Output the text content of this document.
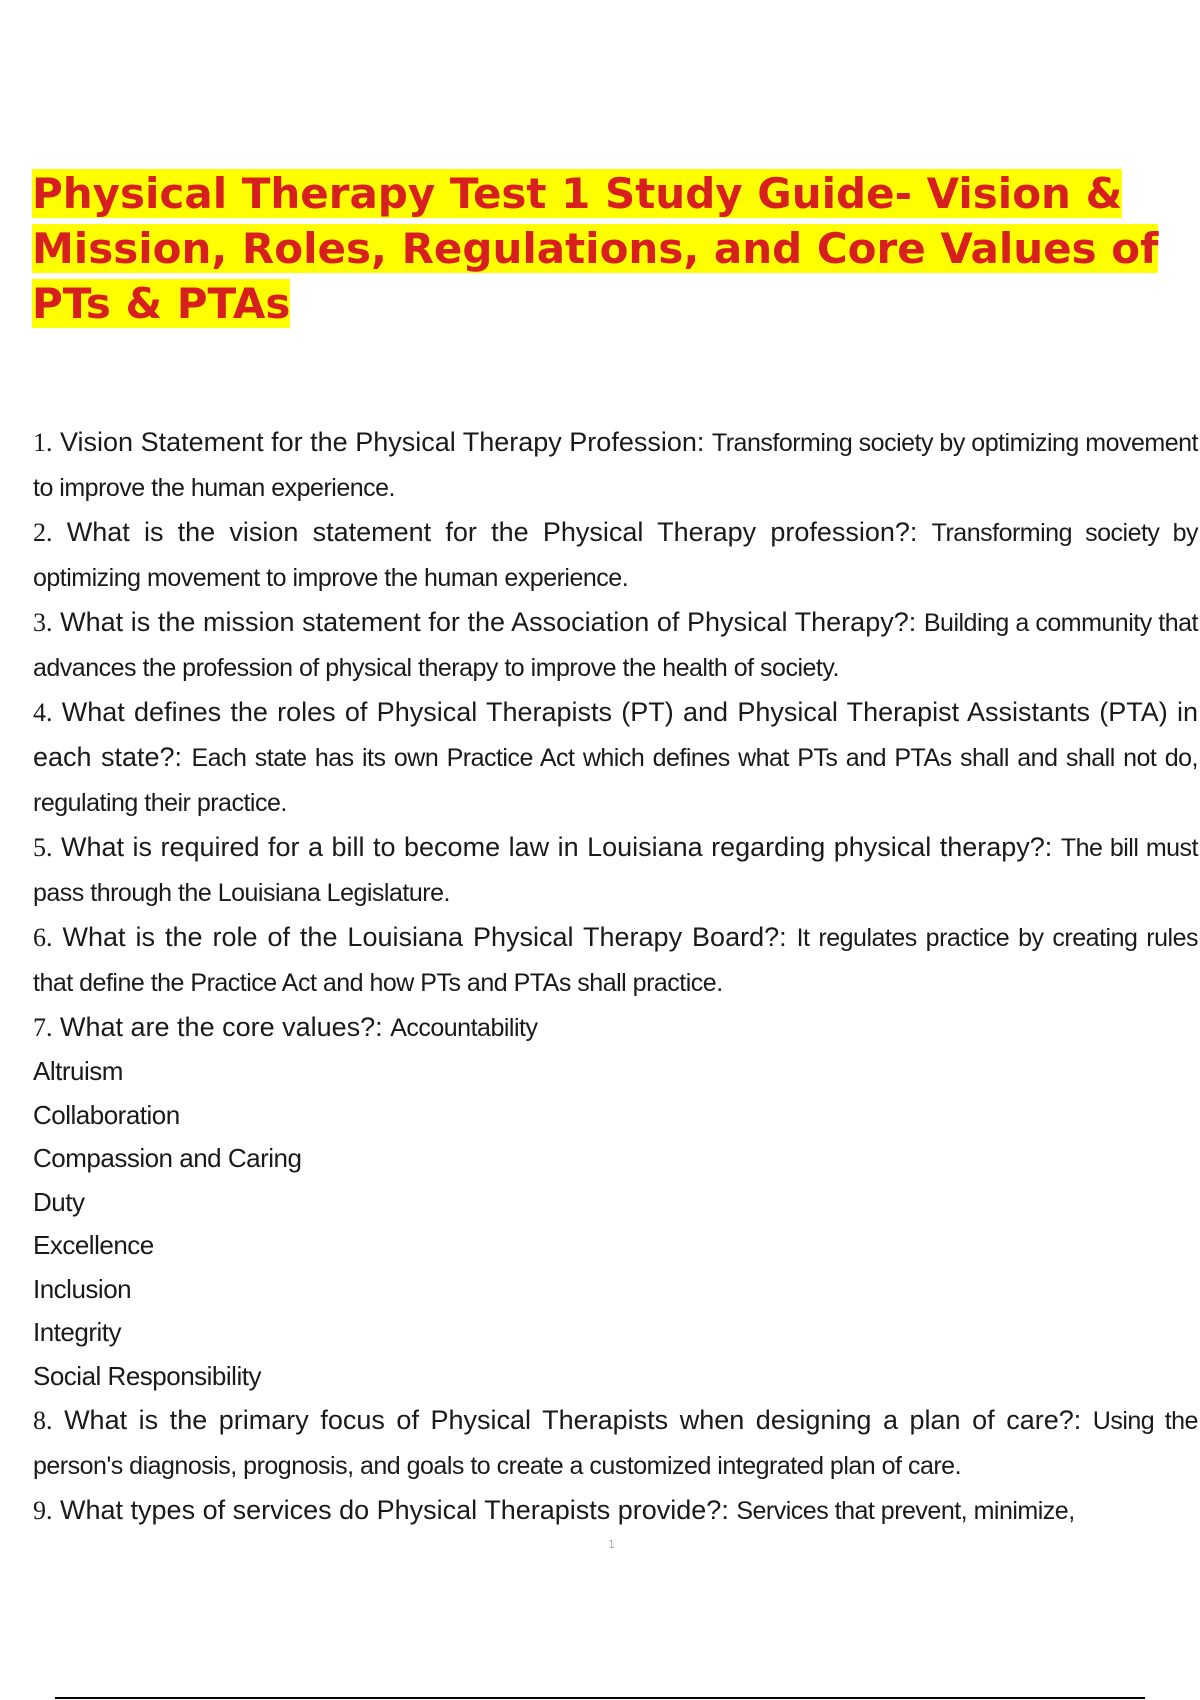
Physical Therapy Test 1 Study Guide- Vision & Mission, Roles, Regulations, and Core Values of PTs & PTAs

1. Vision Statement for the Physical Therapy Profession: Transforming society by optimizing movement to improve the human experience.

2. What is the vision statement for the Physical Therapy profession?: Transforming society by optimizing movement to improve the human experience.

3. What is the mission statement for the Association of Physical Therapy?: Building a community that advances the profession of physical therapy to improve the health of society.

4. What defines the roles of Physical Therapists (PT) and Physical Therapist Assistants (PTA) in each state?: Each state has its own Practice Act which defines what PTs and PTAs shall and shall not do, regulating their practice.

5. What is required for a bill to become law in Louisiana regarding physical therapy?: The bill must pass through the Louisiana Legislature.

6. What is the role of the Louisiana Physical Therapy Board?: It regulates practice by creating rules that define the Practice Act and how PTs and PTAs shall practice.

7. What are the core values?: Accountability

Altruism

Collaboration

Compassion and Caring

Duty

Excellence

Inclusion

Integrity

Social Responsibility

8. What is the primary focus of Physical Therapists when designing a plan of care?: Using the person's diagnosis, prognosis, and goals to create a customized integrated plan of care.

9. What types of services do Physical Therapists provide?: Services that prevent, minimize,

1
